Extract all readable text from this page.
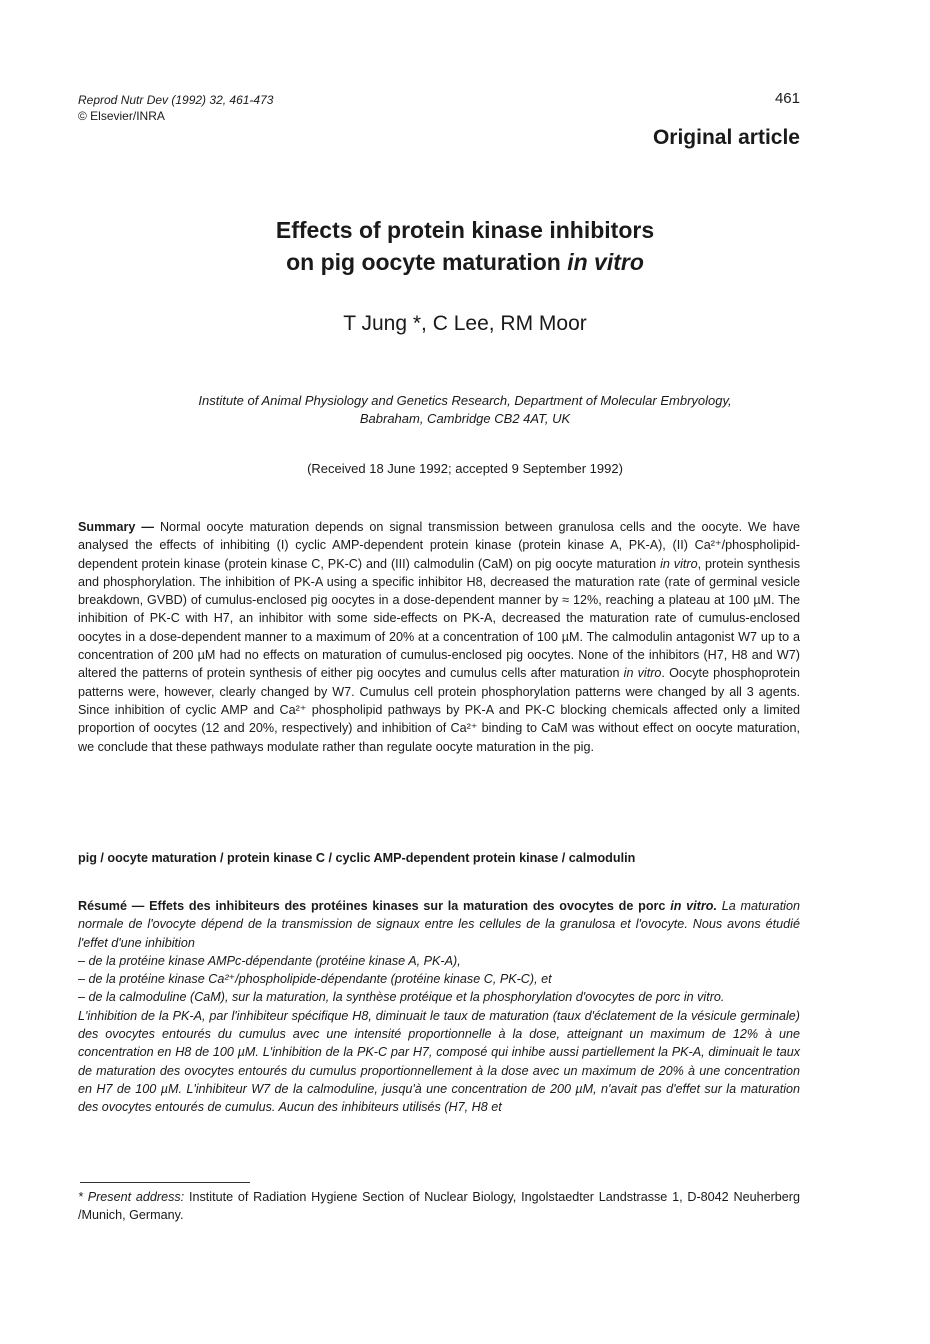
Reprod Nutr Dev (1992) 32, 461-473
© Elsevier/INRA
461
Original article
Effects of protein kinase inhibitors
on pig oocyte maturation in vitro
T Jung *, C Lee, RM Moor
Institute of Animal Physiology and Genetics Research, Department of Molecular Embryology,
Babraham, Cambridge CB2 4AT, UK
(Received 18 June 1992; accepted 9 September 1992)
Summary — Normal oocyte maturation depends on signal transmission between granulosa cells and the oocyte. We have analysed the effects of inhibiting (I) cyclic AMP-dependent protein kinase (protein kinase A, PK-A), (II) Ca²⁺/phospholipid-dependent protein kinase (protein kinase C, PK-C) and (III) calmodulin (CaM) on pig oocyte maturation in vitro, protein synthesis and phosphorylation. The inhibition of PK-A using a specific inhibitor H8, decreased the maturation rate (rate of germinal vesicle breakdown, GVBD) of cumulus-enclosed pig oocytes in a dose-dependent manner by ≈ 12%, reaching a plateau at 100 µM. The inhibition of PK-C with H7, an inhibitor with some side-effects on PK-A, decreased the maturation rate of cumulus-enclosed oocytes in a dose-dependent manner to a maximum of 20% at a concentration of 100 µM. The calmodulin antagonist W7 up to a concentration of 200 µM had no effects on maturation of cumulus-enclosed pig oocytes. None of the inhibitors (H7, H8 and W7) altered the patterns of protein synthesis of either pig oocytes and cumulus cells after maturation in vitro. Oocyte phosphoprotein patterns were, however, clearly changed by W7. Cumulus cell protein phosphorylation patterns were changed by all 3 agents. Since inhibition of cyclic AMP and Ca²⁺ phospholipid pathways by PK-A and PK-C blocking chemicals affected only a limited proportion of oocytes (12 and 20%, respectively) and inhibition of Ca²⁺ binding to CaM was without effect on oocyte maturation, we conclude that these pathways modulate rather than regulate oocyte maturation in the pig.
pig / oocyte maturation / protein kinase C / cyclic AMP-dependent protein kinase / calmodulin

Résumé — Effets des inhibiteurs des protéines kinases sur la maturation des ovocytes de porc in vitro. La maturation normale de l'ovocyte dépend de la transmission de signaux entre les cellules de la granulosa et l'ovocyte. Nous avons étudié l'effet d'une inhibition

– de la protéine kinase AMPc-dépendante (protéine kinase A, PK-A),

– de la protéine kinase Ca²⁺/phospholipide-dépendante (protéine kinase C, PK-C), et

– de la calmoduline (CaM), sur la maturation, la synthèse protéique et la phosphorylation d'ovocytes de porc in vitro.

L'inhibition de la PK-A, par l'inhibiteur spécifique H8, diminuait le taux de maturation (taux d'éclatement de la vésicule germinale) des ovocytes entourés du cumulus avec une intensité proportionnelle à la dose, atteignant un maximum de 12% à une concentration en H8 de 100 µM. L'inhibition de la PK-C par H7, composé qui inhibe aussi partiellement la PK-A, diminuait le taux de maturation des ovocytes entourés du cumulus proportionnellement à la dose avec un maximum de 20% à une concentration en H7 de 100 µM. L'inhibiteur W7 de la calmoduline, jusqu'à une concentration de 200 µM, n'avait pas d'effet sur la maturation des ovocytes entourés de cumulus. Aucun des inhibiteurs utilisés (H7, H8 et

* Present address: Institute of Radiation Hygiene Section of Nuclear Biology, Ingolstaedter Landstrasse 1, D-8042 Neuherberg /Munich, Germany.
